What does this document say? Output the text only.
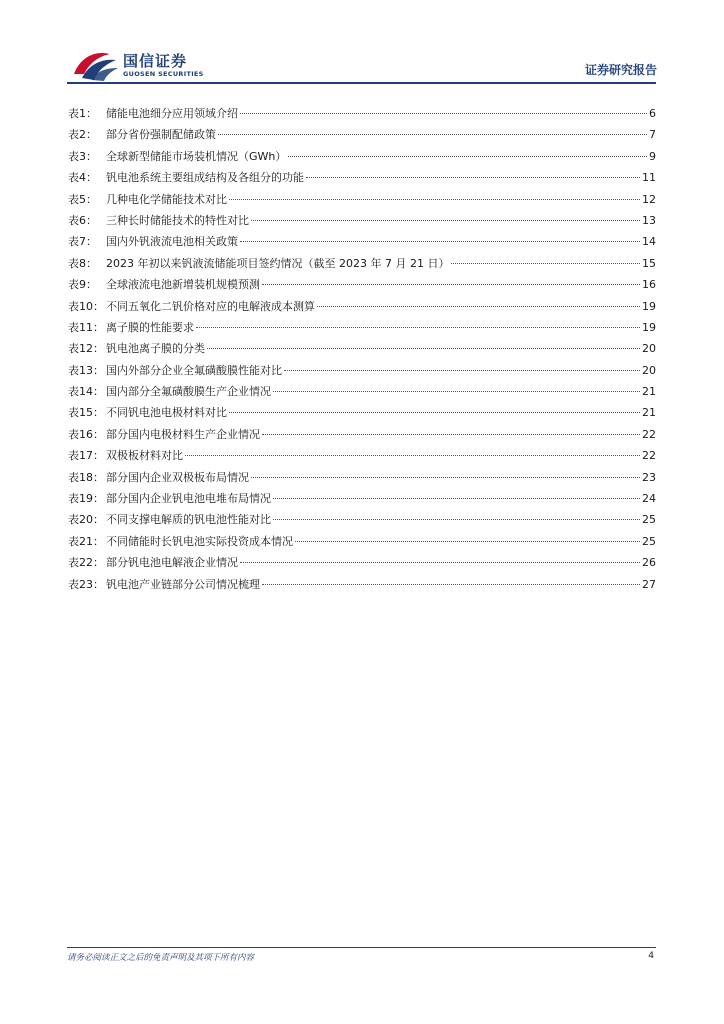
国信证券
GUOSEN SECURITIES	证券研究报告
表1： 储能电池细分应用领域介绍	6
表2： 部分省份强制配储政策	7
表3： 全球新型储能市场装机情况（GWh）	9
表4： 钒电池系统主要组成结构及各组分的功能	11
表5： 几种电化学储能技术对比	12
表6： 三种长时储能技术的特性对比	13
表7： 国内外钒液流电池相关政策	14
表8： 2023 年初以来钒液流储能项目签约情况（截至 2023 年 7 月 21 日）	15
表9： 全球液流电池新增装机规模预测	16
表10： 不同五氧化二钒价格对应的电解液成本测算	19
表11： 离子膜的性能要求	19
表12： 钒电池离子膜的分类	20
表13： 国内外部分企业全氟磺酸膜性能对比	20
表14： 国内部分全氟磺酸膜生产企业情况	21
表15： 不同钒电池电极材料对比	21
表16： 部分国内电极材料生产企业情况	22
表17： 双极板材料对比	22
表18： 部分国内企业双极板布局情况	23
表19： 部分国内企业钒电池电堆布局情况	24
表20： 不同支撑电解质的钒电池性能对比	25
表21： 不同储能时长钒电池实际投资成本情况	25
表22： 部分钒电池电解液企业情况	26
表23： 钒电池产业链部分公司情况梳理	27
请务必阅读正文之后的免责声明及其项下所有内容	4
